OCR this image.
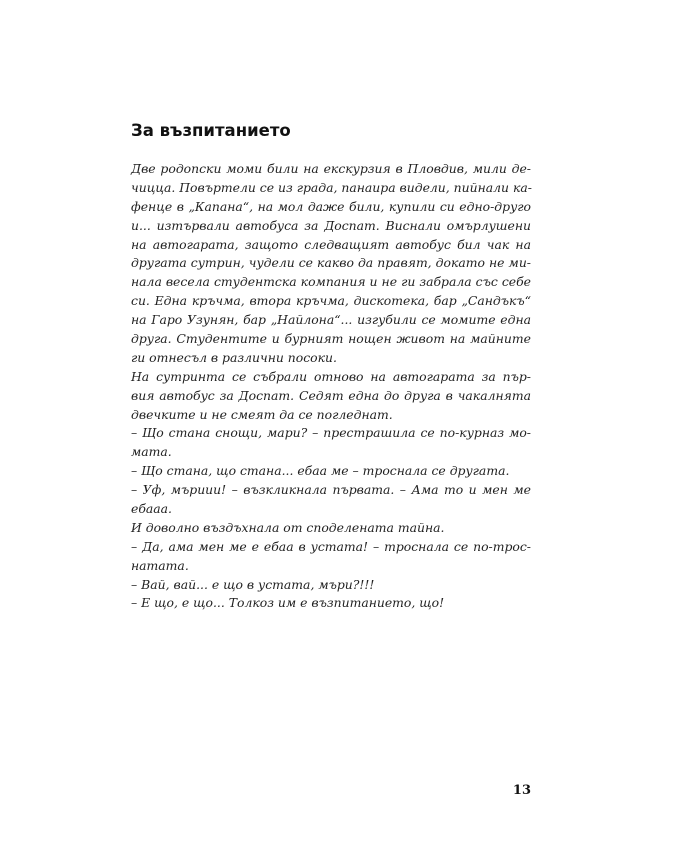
За възпитанието
Две родопски моми били на екскурзия в Пловдив, мили де-
чицца. Повъртели се из града, панаира видели, пийнали ка-
фенце в „Капана“, на мол даже били, купили си едно-друго
и... изтървали автобуса за Доспат. Виснали омърлушени
на автогарата, защото следващият автобус бил чак на
другата сутрин, чудели се какво да правят, докато не ми-
нала весела студентска компания и не ги забрала със себе
си. Една кръчма, втора кръчма, дискотека, бар „Сандъкъ“
на Гаро Узунян, бар „Найлона“... изгубили се момите една
друга. Студентите и бурният нощен живот на майните
ги отнесъл в различни посоки.
На сутринта се събрали отново на автогарата за пър-
вия автобус за Доспат. Седят една до друга в чакалнята
двечките и не смеят да се погледнат.
– Що стана снощи, мари? – престрашила се по-курназ мо-
мата.
– Що стана, що стана... ебаа ме – троснала се другата.
– Уф, мъриии! – възкликнала първата. – Ама то и мен ме
ебааа.
И доволно въздъхнала от споделената тайна.
– Да, ама мен ме е ебаа в устата! – троснала се по-трос-
натата.
– Вай, вай... е що в устата, мъри?!!!
– Е що, е що... Толкоз им е възпитанието, що!
13
